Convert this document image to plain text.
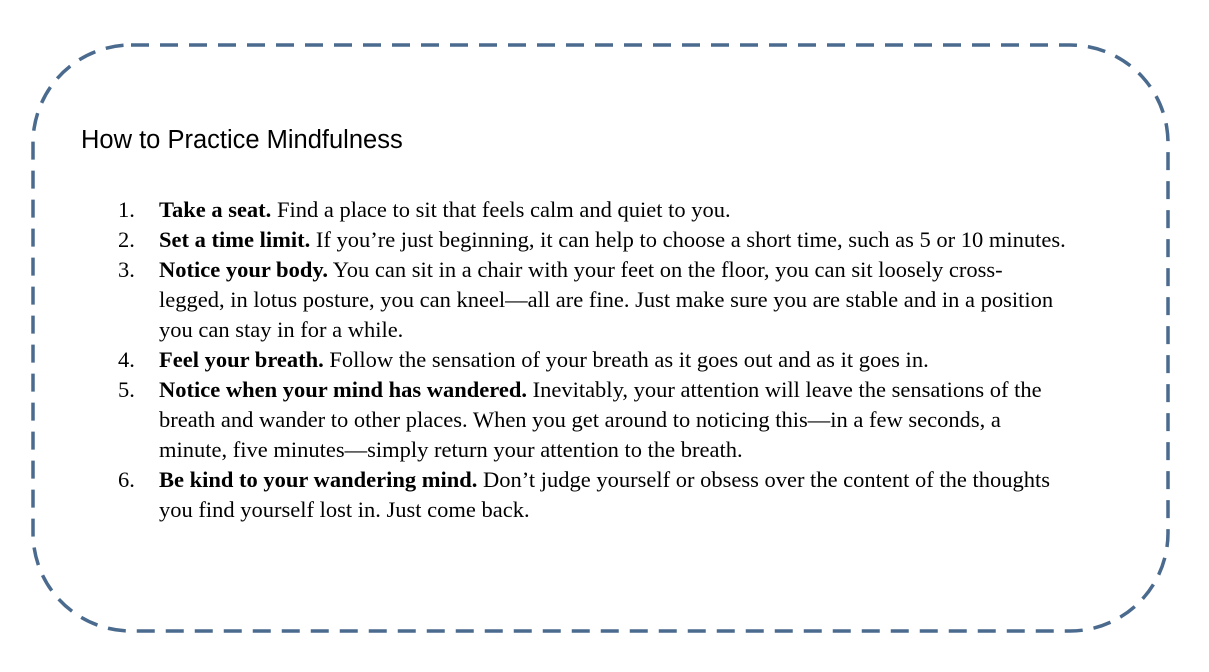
How to Practice Mindfulness
1. Take a seat. Find a place to sit that feels calm and quiet to you.
2. Set a time limit. If you’re just beginning, it can help to choose a short time, such as 5 or 10 minutes.
3. Notice your body. You can sit in a chair with your feet on the floor, you can sit loosely cross-legged, in lotus posture, you can kneel—all are fine. Just make sure you are stable and in a position you can stay in for a while.
4. Feel your breath. Follow the sensation of your breath as it goes out and as it goes in.
5. Notice when your mind has wandered. Inevitably, your attention will leave the sensations of the breath and wander to other places. When you get around to noticing this—in a few seconds, a minute, five minutes—simply return your attention to the breath.
6. Be kind to your wandering mind. Don’t judge yourself or obsess over the content of the thoughts you find yourself lost in. Just come back.
